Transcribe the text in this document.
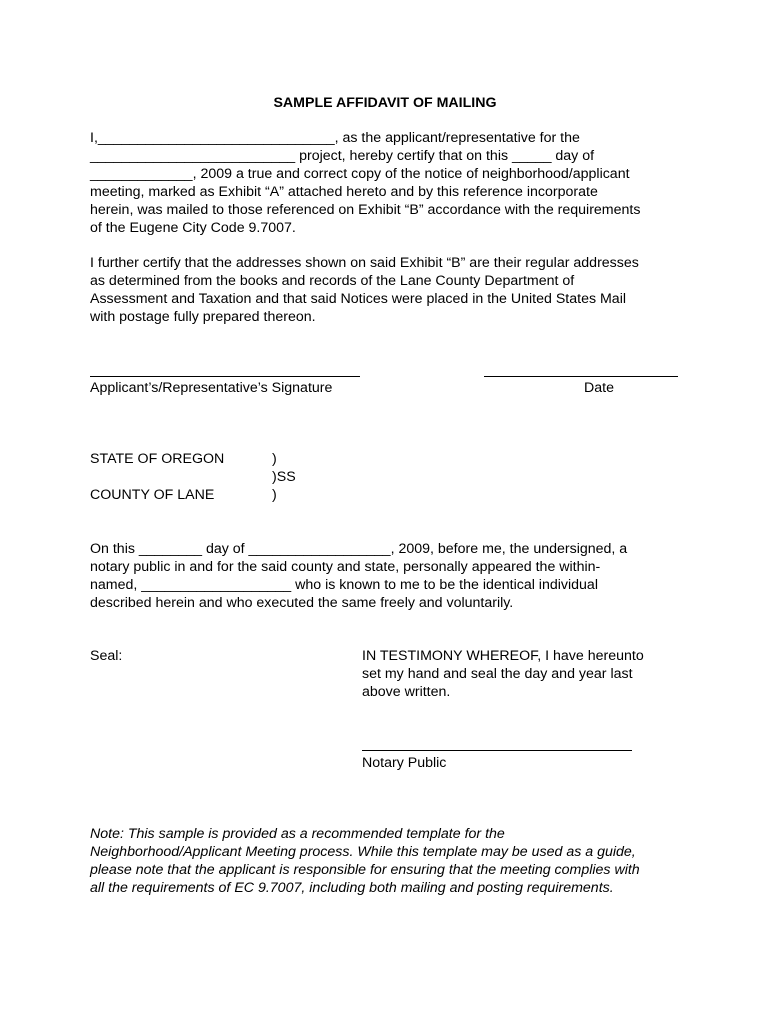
SAMPLE AFFIDAVIT OF MAILING
I,______________________________, as the applicant/representative for the
__________________________ project, hereby certify that on this _____ day of
_____________, 2009 a true and correct copy of the notice of neighborhood/applicant
meeting, marked as Exhibit “A” attached hereto and by this reference incorporate
herein, was mailed to those referenced on Exhibit “B” accordance with the requirements
of the Eugene City Code 9.7007.
I further certify that the addresses shown on said Exhibit “B” are their regular addresses
as determined from the books and records of the Lane County Department of
Assessment and Taxation and that said Notices were placed in the United States Mail
with postage fully prepared thereon.
Applicant’s/Representative’s Signature	Date
STATE OF OREGON	)
)SS
COUNTY OF LANE	)
On this ________ day of __________________, 2009, before me, the undersigned, a
notary public in and for the said county and state, personally appeared the within-
named, ___________________ who is known to me to be the identical individual
described herein and who executed the same freely and voluntarily.
Seal:	IN TESTIMONY WHEREOF, I have hereunto
set my hand and seal the day and year last
above written.
Notary Public
Note: This sample is provided as a recommended template for the
Neighborhood/Applicant Meeting process. While this template may be used as a guide,
please note that the applicant is responsible for ensuring that the meeting complies with
all the requirements of EC 9.7007, including both mailing and posting requirements.
